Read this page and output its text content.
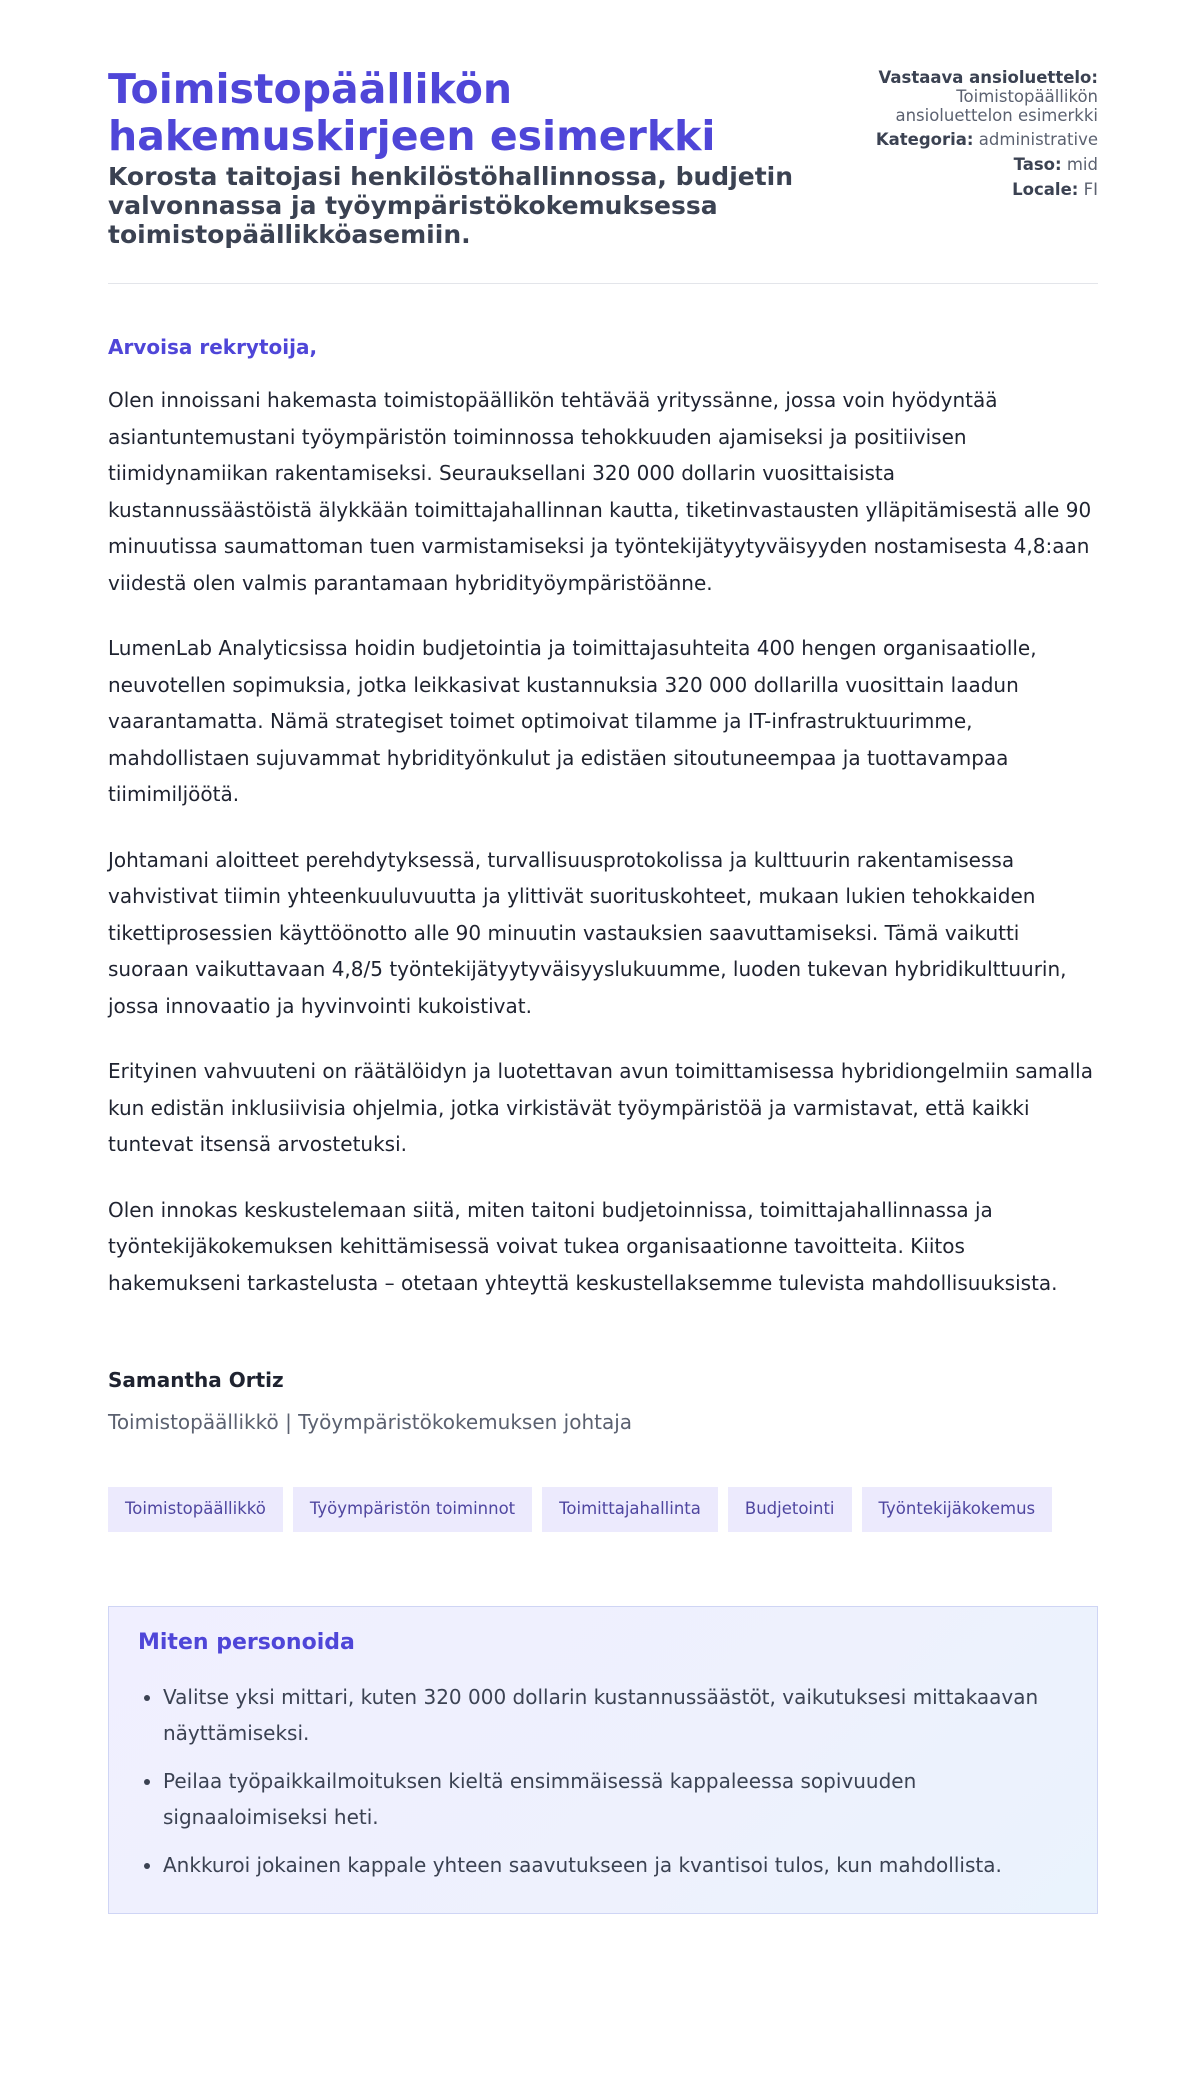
Toimistopäällikön hakemuskirjeen esimerkki
Korosta taitojasi henkilöstöhallinnossa, budjetin valvonnassa ja työympäristökokemuksessa toimistopäällikköasemiin.
Vastaava ansioluettelo:
Toimistopäällikön ansioluettelon esimerkki
Kategoria: administrative
Taso: mid
Locale: FI
Arvoisa rekrytoija,

Olen innoissani hakemasta toimistopäällikön tehtävää yrityssänne, jossa voin hyödyntää asiantuntemustani työympäristön toiminnossa tehokkuuden ajamiseksi ja positiivisen tiimidynamiikan rakentamiseksi. Seurauksellani 320 000 dollarin vuosittaisista kustannussäästöistä älykkään toimittajahallinnan kautta, tiketinvastausten ylläpitämisestä alle 90 minuutissa saumattoman tuen varmistamiseksi ja työntekijätyytyväisyyden nostamisesta 4,8:aan viidestä olen valmis parantamaan hybridityöympäristöänne.

LumenLab Analyticsissa hoidin budjetointia ja toimittajasuhteita 400 hengen organisaatiolle, neuvotellen sopimuksia, jotka leikkasivat kustannuksia 320 000 dollarilla vuosittain laadun vaarantamatta. Nämä strategiset toimet optimoivat tilamme ja IT-infrastruktuurimme, mahdollistaen sujuvammat hybridityönkulut ja edistäen sitoutuneempaa ja tuottavampaa tiimimiljöötä.

Johtamani aloitteet perehdytyksessä, turvallisuusprotokolissa ja kulttuurin rakentamisessa vahvistivat tiimin yhteenkuuluvuutta ja ylittivät suorituskohteet, mukaan lukien tehokkaiden tikettiprosessien käyttöönotto alle 90 minuutin vastauksien saavuttamiseksi. Tämä vaikutti suoraan vaikuttavaan 4,8/5 työntekijätyytyväisyyslukuumme, luoden tukevan hybridikulttuurin, jossa innovaatio ja hyvinvointi kukoistivat.

Erityinen vahvuuteni on räätälöidyn ja luotettavan avun toimittamisessa hybridiongelmiin samalla kun edistän inklusiivisia ohjelmia, jotka virkistävät työympäristöä ja varmistavat, että kaikki tuntevat itsensä arvostetuksi.

Olen innokas keskustelemaan siitä, miten taitoni budjetoinnissa, toimittajahallinnassa ja työntekijäkokemuksen kehittämisessä voivat tukea organisaationne tavoitteita. Kiitos hakemukseni tarkastelusta – otetaan yhteyttä keskustellaksemme tulevista mahdollisuuksista.

Samantha Ortiz
Toimistopäällikkö | Työympäristökokemuksen johtaja
Toimistopäällikkö	Työympäristön toiminnot	Toimittajahallinta	Budjetointi	Työntekijäkokemus
Miten personoida
• Valitse yksi mittari, kuten 320 000 dollarin kustannussäästöt, vaikutuksesi mittakaavan näyttämiseksi.
• Peilaa työpaikkailmoituksen kieltä ensimmäisessä kappaleessa sopivuuden signaaloimiseksi heti.
• Ankkuroi jokainen kappale yhteen saavutukseen ja kvantisoi tulos, kun mahdollista.
